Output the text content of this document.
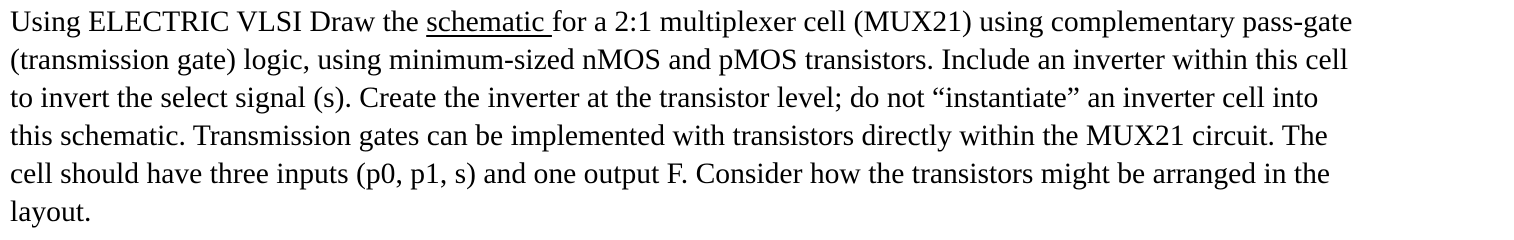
Using ELECTRIC VLSI Draw the schematic for a 2:1 multiplexer cell (MUX21) using complementary pass-gate
(transmission gate) logic, using minimum-sized nMOS and pMOS transistors. Include an inverter within this cell
to invert the select signal (s). Create the inverter at the transistor level; do not “instantiate” an inverter cell into
this schematic. Transmission gates can be implemented with transistors directly within the MUX21 circuit. The
cell should have three inputs (p0, p1, s) and one output F. Consider how the transistors might be arranged in the
layout.
